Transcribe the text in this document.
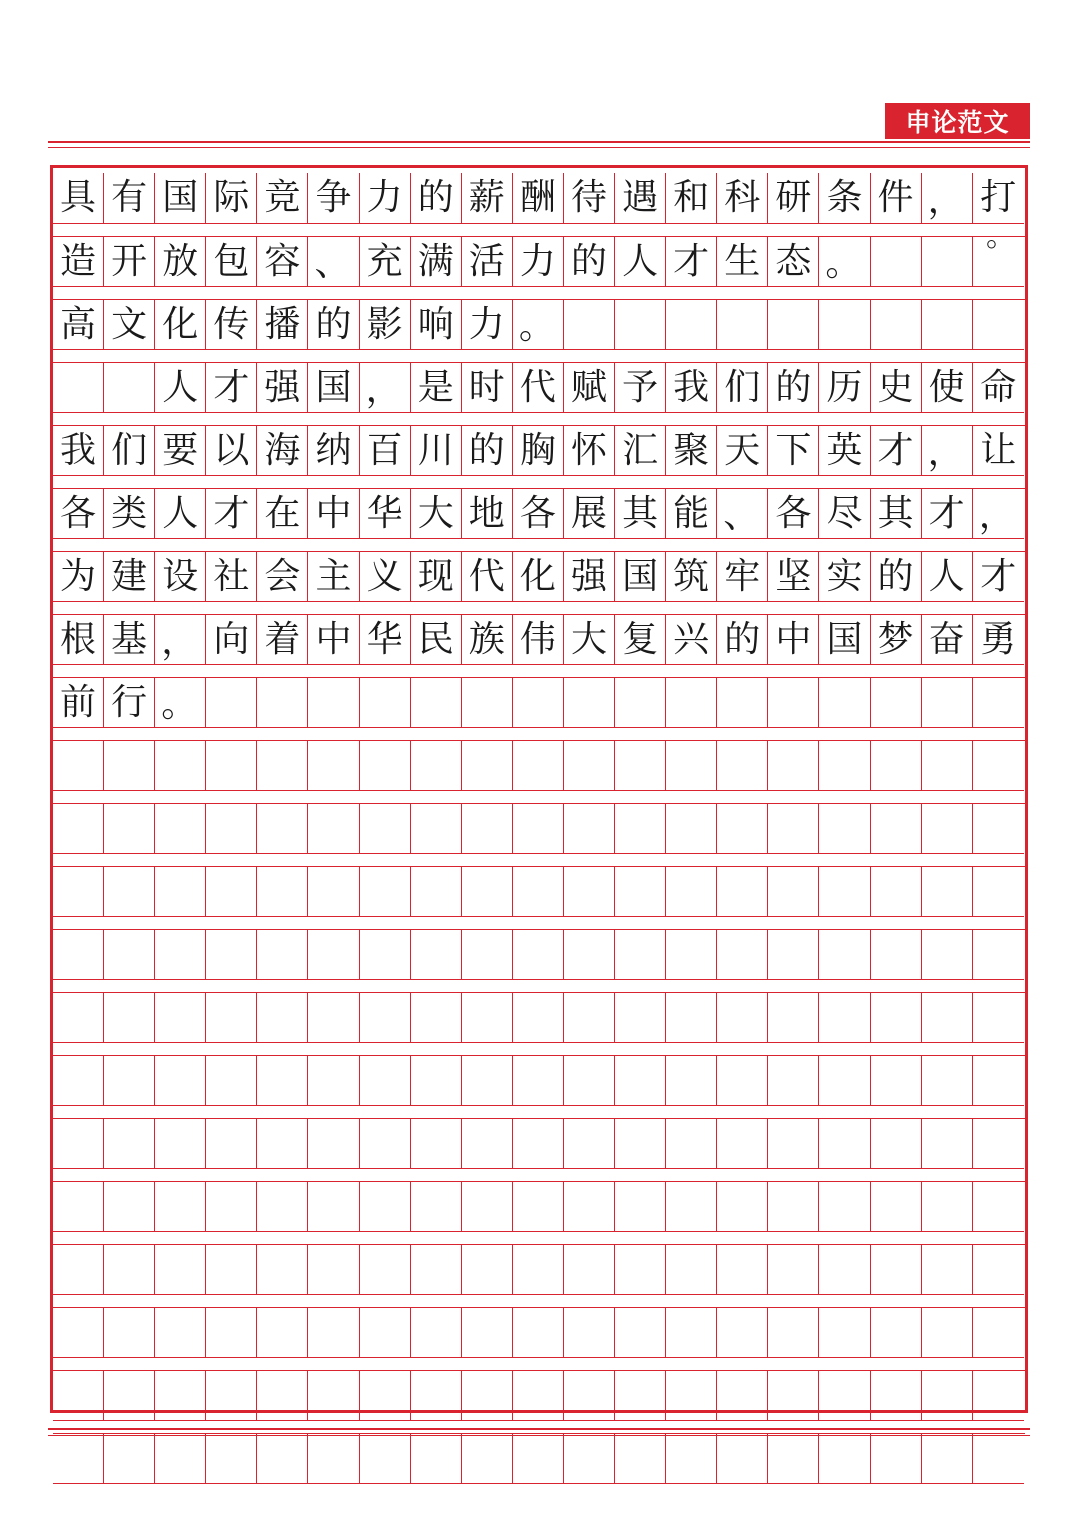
申论范文
具 有 国 际 竞 争 力 的 薪 酬 待 遇 和 科 研 条 件 ， 打
造 开 放 包 容 、 充 满 活 力 的 人 才 生 态 。
高 文 化 传 播 的 影 响 力 。
人 才 强 国 ， 是 时 代 赋 予 我 们 的 历 史 使 命
我 们 要 以 海 纳 百 川 的 胸 怀 汇 聚 天 下 英 才 ， 让
各 类 人 才 在 中 华 大 地 各 展 其 能 、 各 尽 其 才 ，
为 建 设 社 会 主 义 现 代 化 强 国 筑 牢 坚 实 的 人 才
根 基 ， 向 着 中 华 民 族 伟 大 复 兴 的 中 国 梦 奋 勇
前 行 。
。
